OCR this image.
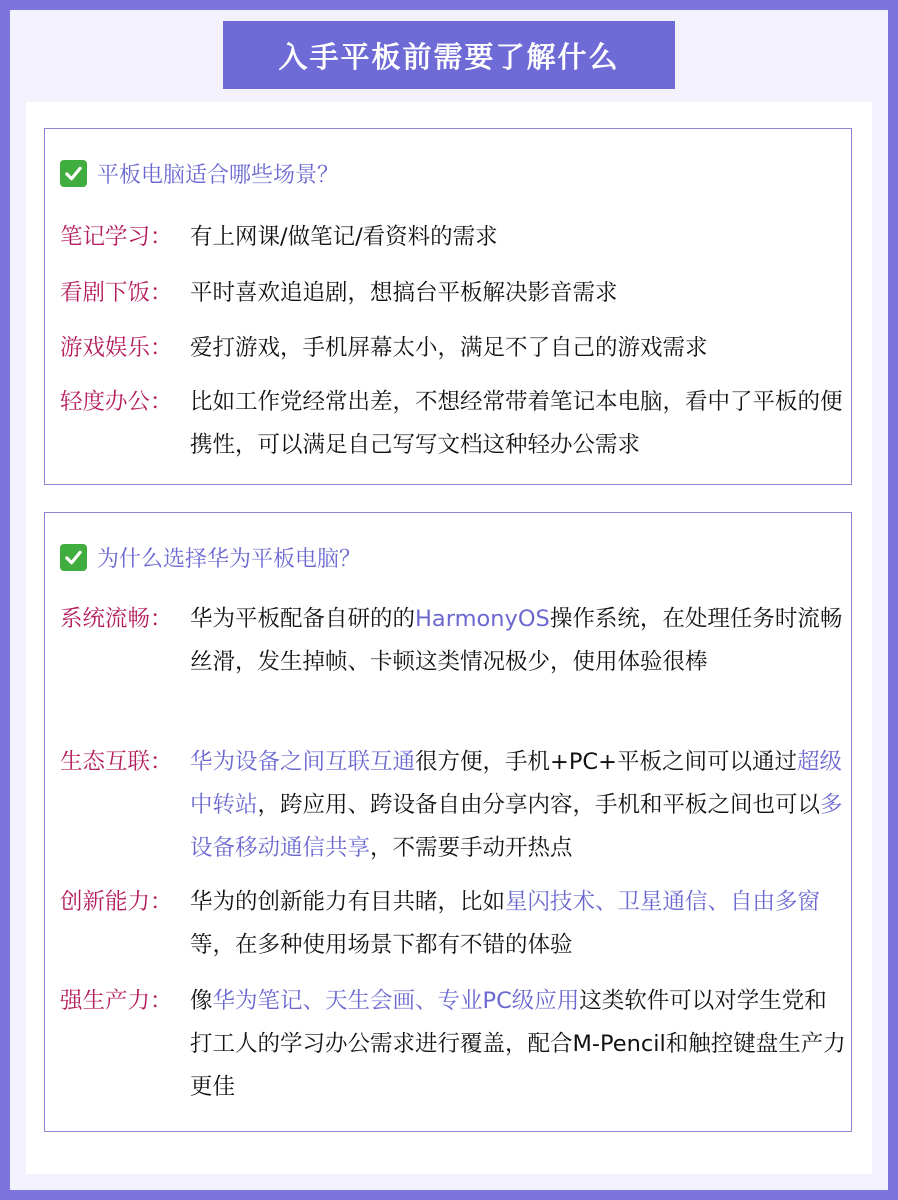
入手平板前需要了解什么
平板电脑适合哪些场景？
笔记学习： 有上网课/做笔记/看资料的需求
看剧下饭： 平时喜欢追追剧，想搞台平板解决影音需求
游戏娱乐： 爱打游戏，手机屏幕太小，满足不了自己的游戏需求
轻度办公： 比如工作党经常出差，不想经常带着笔记本电脑，看中了平板的便携性，可以满足自己写写文档这种轻办公需求
为什么选择华为平板电脑？
系统流畅： 华为平板配备自研的的HarmonyOS操作系统，在处理任务时流畅丝滑，发生掉帧、卡顿这类情况极少，使用体验很棒
生态互联： 华为设备之间互联互通很方便，手机+PC+平板之间可以通过超级中转站，跨应用、跨设备自由分享内容，手机和平板之间也可以多设备移动通信共享，不需要手动开热点
创新能力： 华为的创新能力有目共睹，比如星闪技术、卫星通信、自由多窗等，在多种使用场景下都有不错的体验
强生产力： 像华为笔记、天生会画、专业PC级应用这类软件可以对学生党和打工人的学习办公需求进行覆盖，配合M-Pencil和触控键盘生产力更佳
